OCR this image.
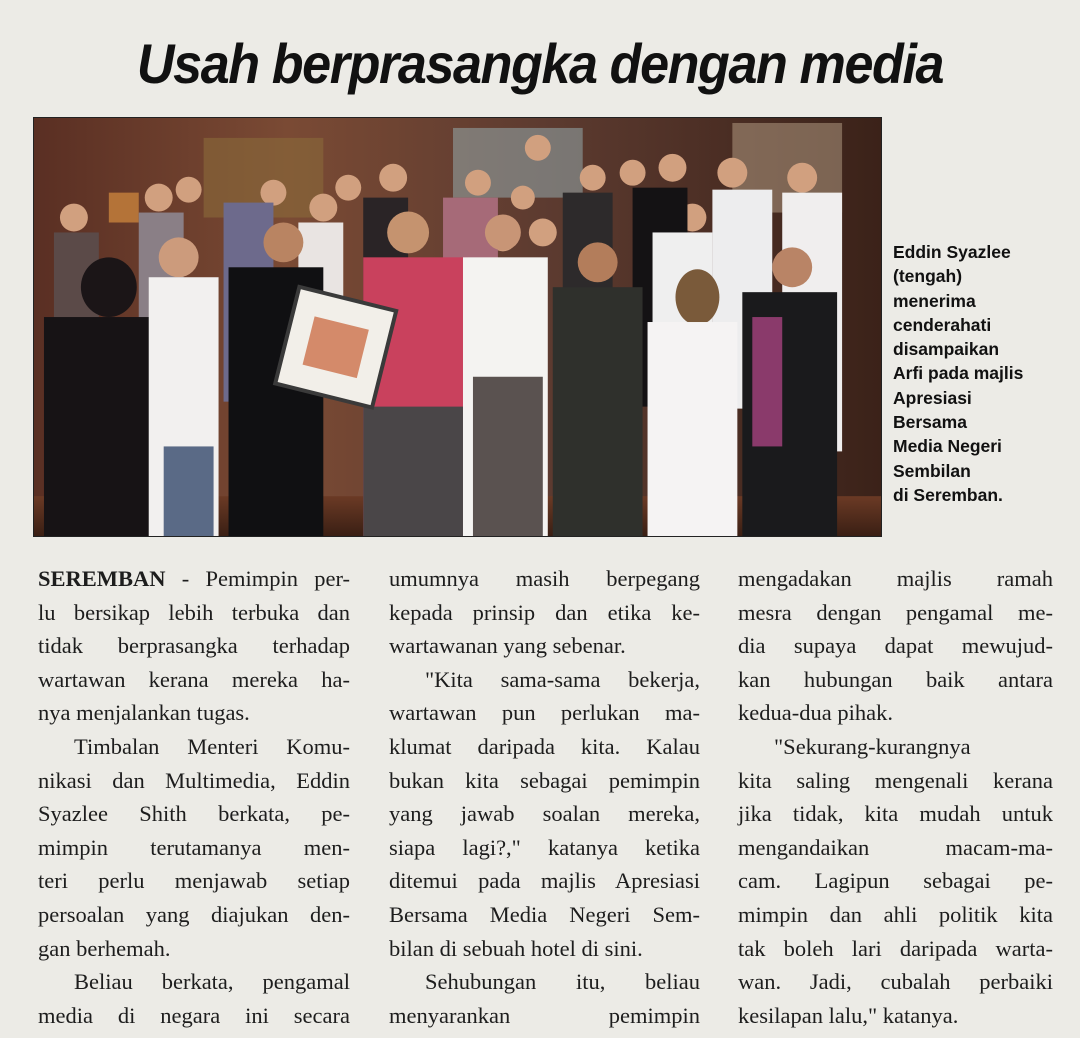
Usah berprasangka dengan media
Eddin Syazlee
(tengah)
menerima
cenderahati
disampaikan
Arfi pada majlis
Apresiasi
Bersama
Media Negeri
Sembilan
di Seremban.
SEREMBAN - Pemimpin per-
lu bersikap lebih terbuka dan
tidak berprasangka terhadap
wartawan kerana mereka ha-
nya menjalankan tugas.
Timbalan Menteri Komu-
nikasi dan Multimedia, Eddin
Syazlee Shith berkata, pe-
mimpin terutamanya men-
teri perlu menjawab setiap
persoalan yang diajukan den-
gan berhemah.
Beliau berkata, pengamal
media di negara ini secara
umumnya masih berpegang
kepada prinsip dan etika ke-
wartawanan yang sebenar.
"Kita sama-sama bekerja,
wartawan pun perlukan ma-
klumat daripada kita. Kalau
bukan kita sebagai pemimpin
yang jawab soalan mereka,
siapa lagi?," katanya ketika
ditemui pada majlis Apresiasi
Bersama Media Negeri Sem-
bilan di sebuah hotel di sini.
Sehubungan itu, beliau
menyarankan pemimpin
mengadakan majlis ramah
mesra dengan pengamal me-
dia supaya dapat mewujud-
kan hubungan baik antara
kedua-dua pihak.
"Sekurang-kurangnya
kita saling mengenali kerana
jika tidak, kita mudah untuk
mengandaikan macam-ma-
cam. Lagipun sebagai pe-
mimpin dan ahli politik kita
tak boleh lari daripada warta-
wan. Jadi, cubalah perbaiki
kesilapan lalu," katanya.
